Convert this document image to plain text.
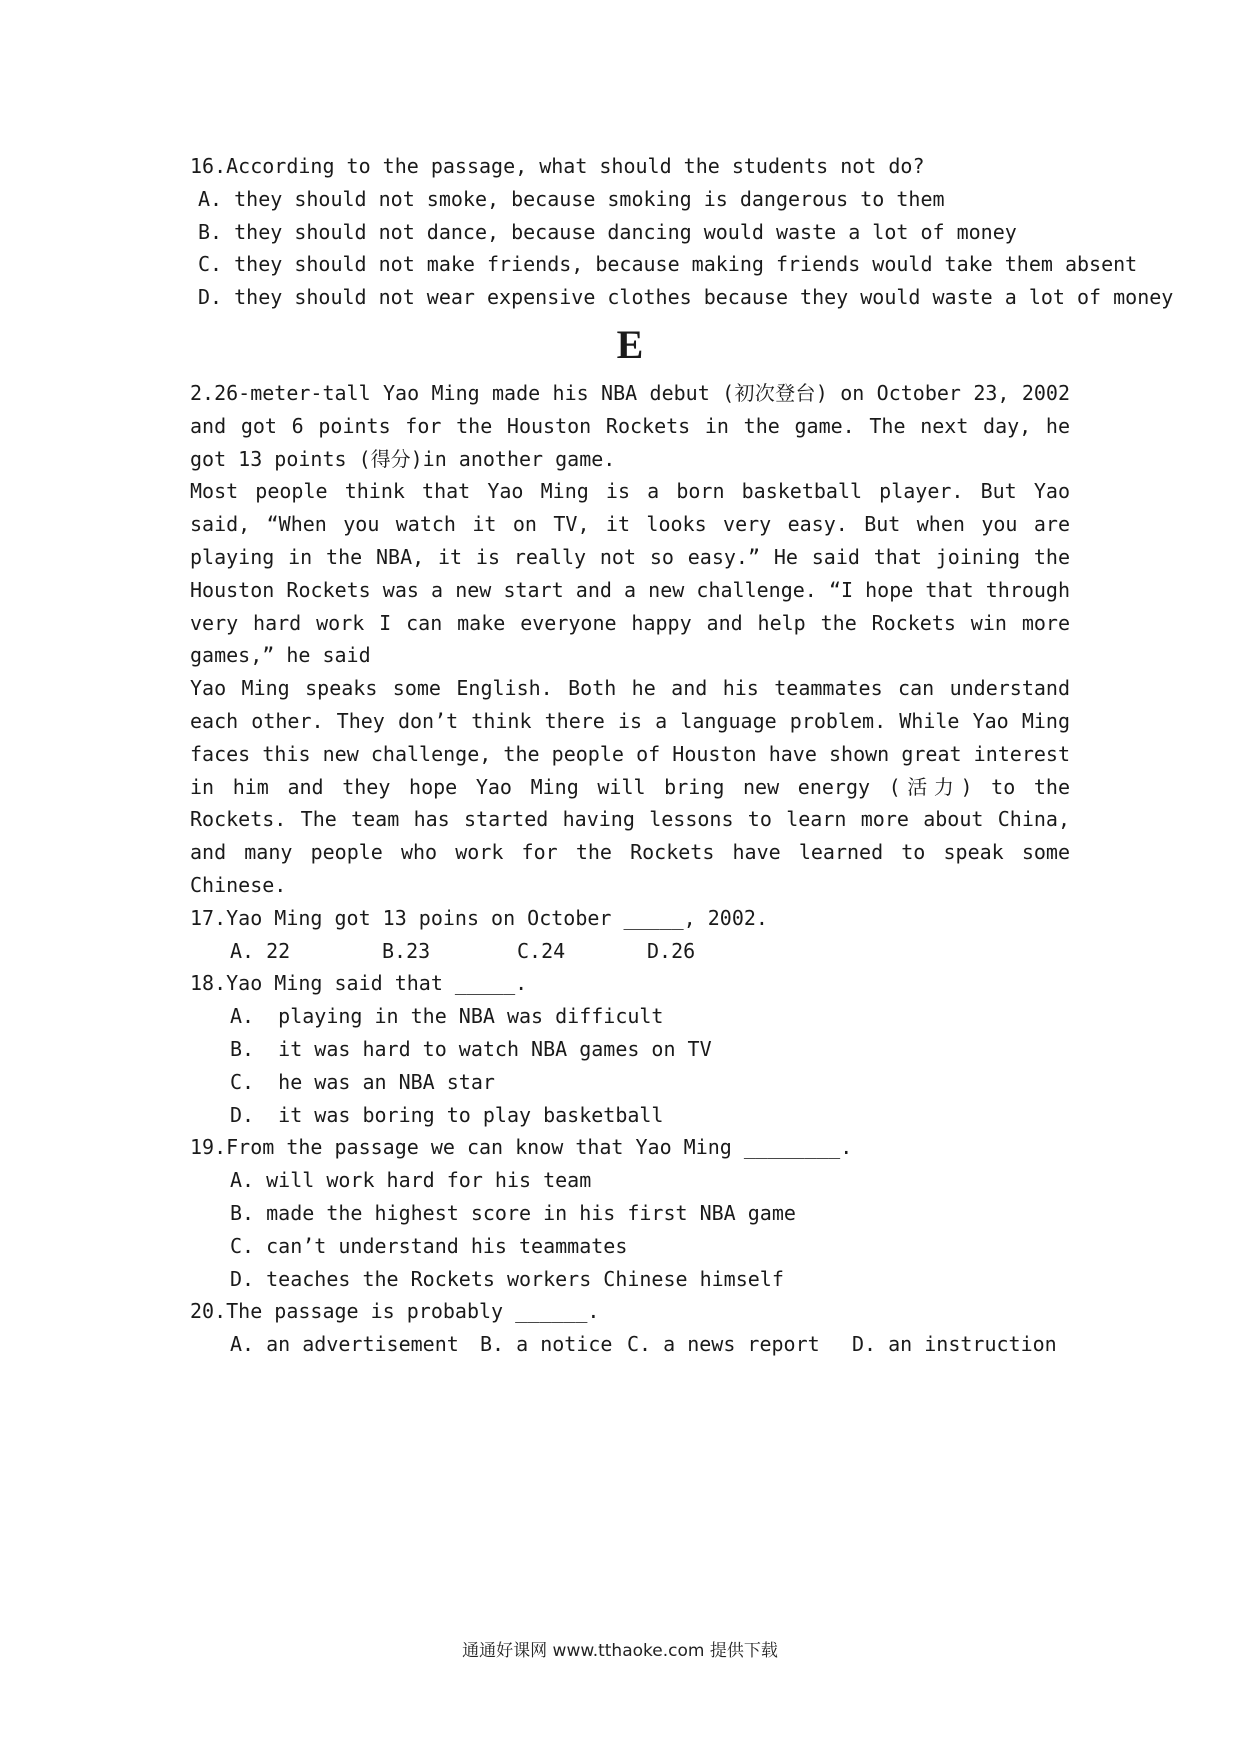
16.According to the passage, what should the students not do?
A. they should not smoke, because smoking is dangerous to them
B. they should not dance, because dancing would waste a lot of money
C. they should not make friends, because making friends would take them absent
D. they should not wear expensive clothes because they would waste a lot of money
E

2.26-meter-tall Yao Ming made his NBA debut (初次登台) on October 23, 2002 and got 6 points for the Houston Rockets in the game. The next day, he got 13 points (得分)in another game.

Most people think that Yao Ming is a born basketball player. But Yao said, “When you watch it on TV, it looks very easy. But when you are playing in the NBA, it is really not so easy.” He said that joining the Houston Rockets was a new start and a new challenge. “I hope that through very hard work I can make everyone happy and help the Rockets win more games,” he said

Yao Ming speaks some English. Both he and his teammates can understand each other. They don’t think there is a language problem. While Yao Ming faces this new challenge, the people of Houston have shown great interest in him and they hope Yao Ming will bring new energy (活力) to the Rockets. The team has started having lessons to learn more about China, and many people who work for the Rockets have learned to speak some Chinese.

17.Yao Ming got 13 poins on October _____, 2002.
A. 22	B.23	C.24	D.26
18.Yao Ming said that _____.
A.  playing in the NBA was difficult
B.  it was hard to watch NBA games on TV
C.  he was an NBA star
D.  it was boring to play basketball
19.From the passage we can know that Yao Ming ________.
A. will work hard for his team
B. made the highest score in his first NBA game
C. can’t understand his teammates
D. teaches the Rockets workers Chinese himself
20.The passage is probably ______.
A. an advertisement B. a notice C. a news report D. an instruction
通通好课网 www.tthaoke.com 提供下载
